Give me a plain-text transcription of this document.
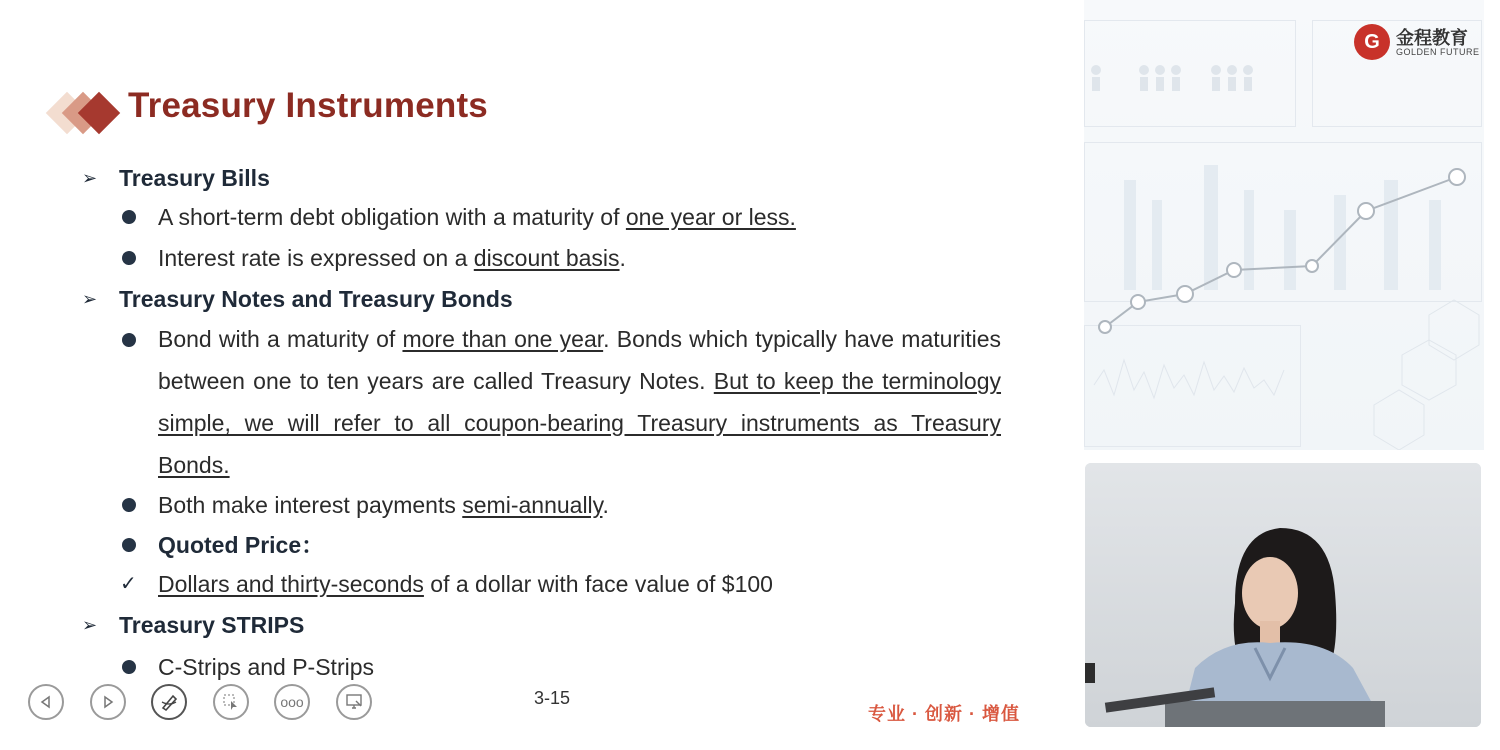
Treasury Instruments
➢ Treasury Bills
A short-term debt obligation with a maturity of one year or less.
Interest rate is expressed on a discount basis.
➢ Treasury Notes and Treasury Bonds
Bond with a maturity of more than one year. Bonds which typically have maturities between one to ten years are called Treasury Notes. But to keep the terminology simple, we will refer to all coupon-bearing Treasury instruments as Treasury Bonds.
Both make interest payments semi-annually.
Quoted Price：
✓ Dollars and thirty-seconds of a dollar with face value of $100
➢ Treasury STRIPS
C-Strips and P-Strips
ooo	3-15
专业 · 创新 · 增值
G 金程教育
GOLDEN FUTURE
